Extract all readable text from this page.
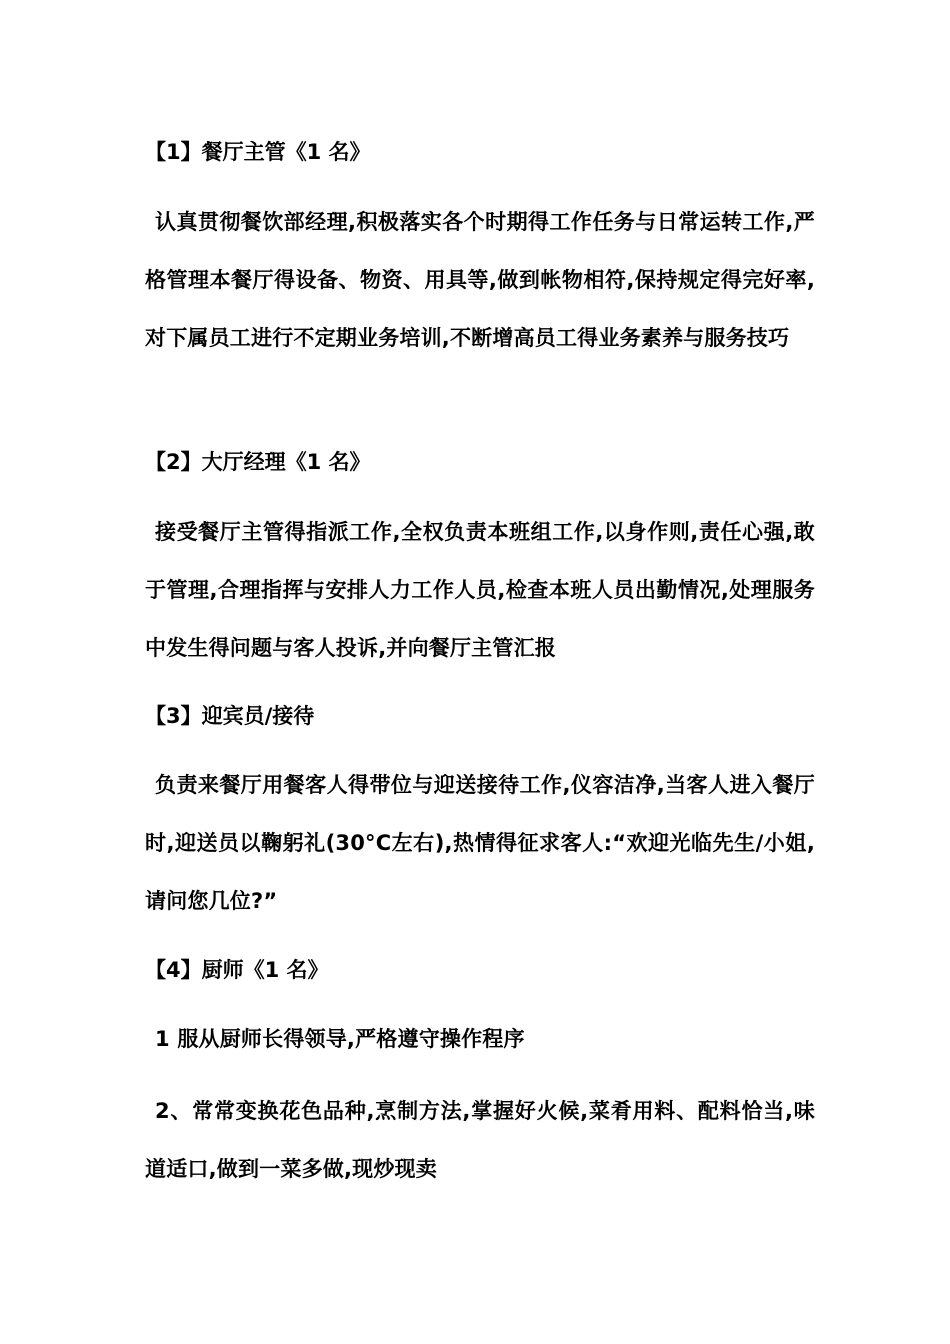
【1】餐厅主管《1 名》
认真贯彻餐饮部经理,积极落实各个时期得工作任务与日常运转工作,严格管理本餐厅得设备、物资、用具等,做到帐物相符,保持规定得完好率,对下属员工进行不定期业务培训,不断增高员工得业务素养与服务技巧
【2】大厅经理《1 名》
接受餐厅主管得指派工作,全权负责本班组工作,以身作则,责任心强,敢于管理,合理指挥与安排人力工作人员,检查本班人员出勤情况,处理服务中发生得问题与客人投诉,并向餐厅主管汇报
【3】迎宾员/接待
负责来餐厅用餐客人得带位与迎送接待工作,仪容洁净,当客人进入餐厅时,迎送员以鞠躬礼(30°C左右),热情得征求客人:“欢迎光临先生/小姐,请问您几位?”
【4】厨师《1 名》
1 服从厨师长得领导,严格遵守操作程序
2、常常变换花色品种,烹制方法,掌握好火候,菜肴用料、配料恰当,味道适口,做到一菜多做,现炒现卖
